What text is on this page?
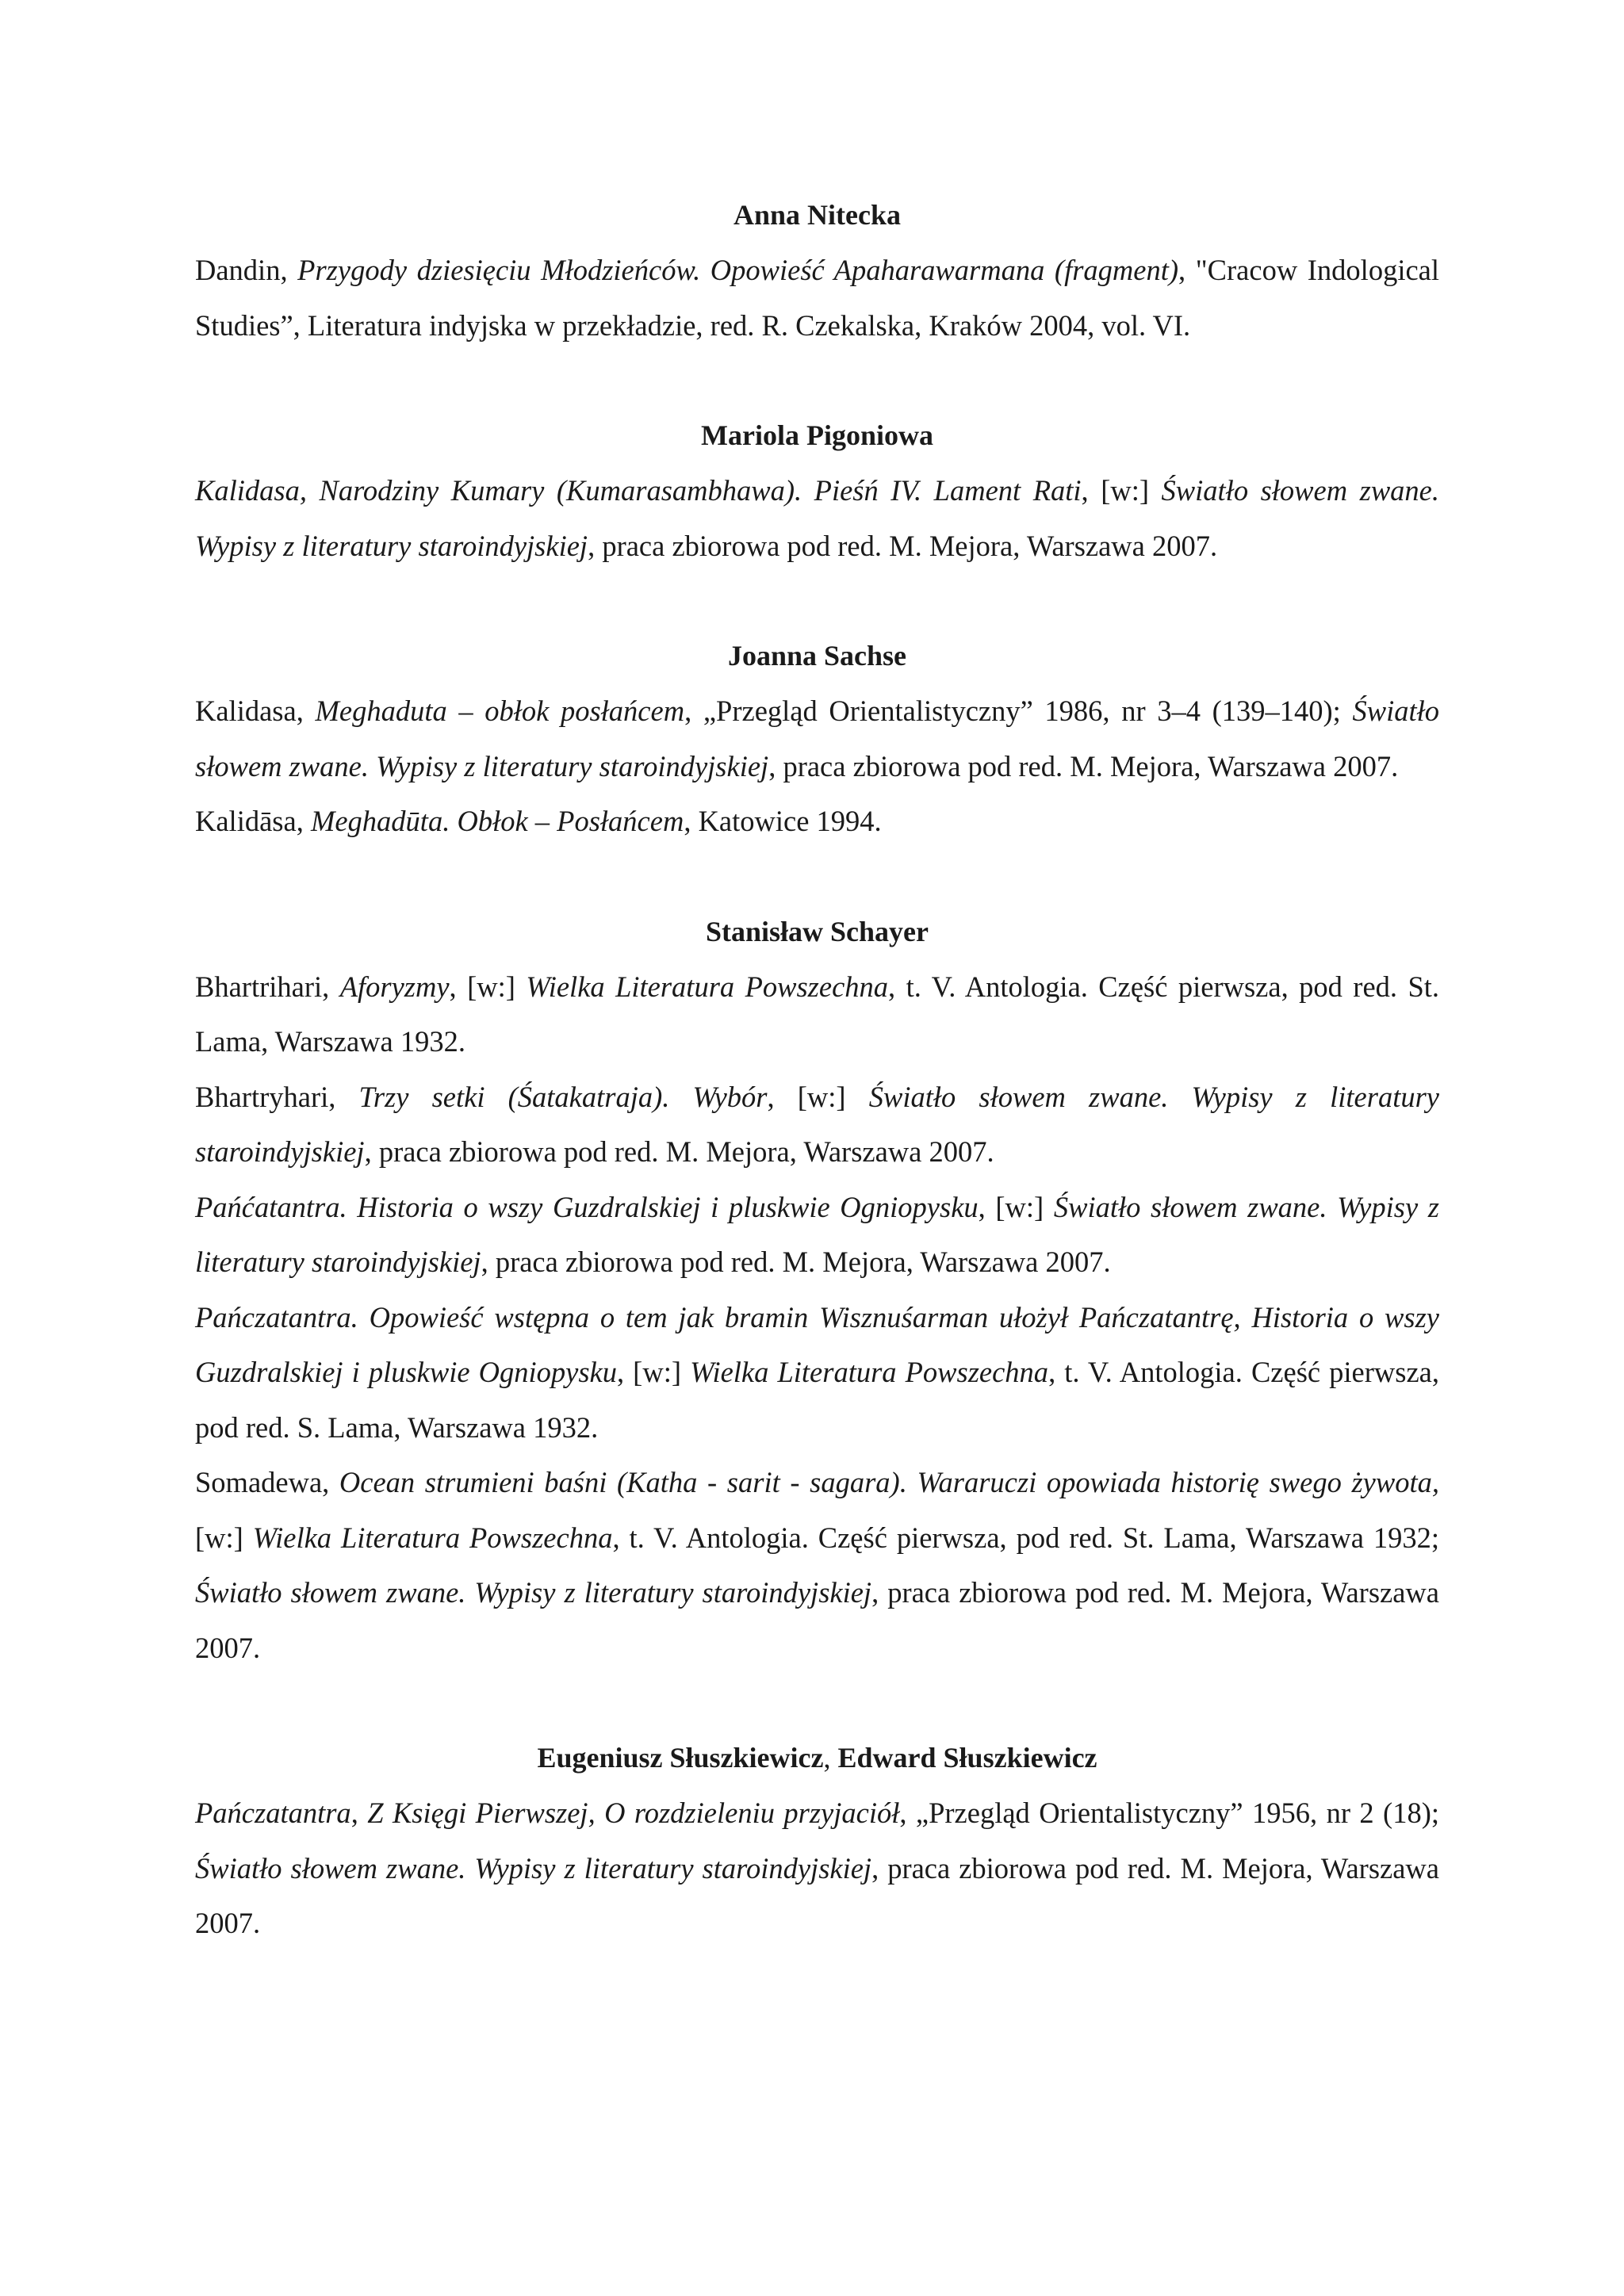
Anna Nitecka

Dandin, Przygody dziesięciu Młodzieńców. Opowieść Apaharawarmana (fragment), "Cracow Indological Studies”, Literatura indyjska w przekładzie, red. R. Czekalska, Kraków 2004, vol. VI.

Mariola Pigoniowa

Kalidasa, Narodziny Kumary (Kumarasambhawa). Pieśń IV. Lament Rati, [w:] Światło słowem zwane. Wypisy z literatury staroindyjskiej, praca zbiorowa pod red. M. Mejora, Warszawa 2007.

Joanna Sachse

Kalidasa, Meghaduta – obłok posłańcem, „Przegląd Orientalistyczny” 1986, nr 3–4 (139–140); Światło słowem zwane. Wypisy z literatury staroindyjskiej, praca zbiorowa pod red. M. Mejora, Warszawa 2007.

Kalidāsa, Meghadūta. Obłok – Posłańcem, Katowice 1994.

Stanisław Schayer

Bhartrihari, Aforyzmy, [w:] Wielka Literatura Powszechna, t. V. Antologia. Część pierwsza, pod red. St. Lama, Warszawa 1932.

Bhartryhari, Trzy setki (Śatakatraja). Wybór, [w:] Światło słowem zwane. Wypisy z literatury staroindyjskiej, praca zbiorowa pod red. M. Mejora, Warszawa 2007.

Pańćatantra. Historia o wszy Guzdralskiej i pluskwie Ogniopysku, [w:] Światło słowem zwane. Wypisy z literatury staroindyjskiej, praca zbiorowa pod red. M. Mejora, Warszawa 2007.

Pańczatantra. Opowieść wstępna o tem jak bramin Wisznuśarman ułożył Pańczatantrę, Historia o wszy Guzdralskiej i pluskwie Ogniopysku, [w:] Wielka Literatura Powszechna, t. V. Antologia. Część pierwsza, pod red. S. Lama, Warszawa 1932.

Somadewa, Ocean strumieni baśni (Katha - sarit - sagara). Wararuczi opowiada historię swego żywota, [w:] Wielka Literatura Powszechna, t. V. Antologia. Część pierwsza, pod red. St. Lama, Warszawa 1932; Światło słowem zwane. Wypisy z literatury staroindyjskiej, praca zbiorowa pod red. M. Mejora, Warszawa 2007.

Eugeniusz Słuszkiewicz, Edward Słuszkiewicz

Pańczatantra, Z Księgi Pierwszej, O rozdzieleniu przyjaciół, „Przegląd Orientalistyczny” 1956, nr 2 (18); Światło słowem zwane. Wypisy z literatury staroindyjskiej, praca zbiorowa pod red. M. Mejora, Warszawa 2007.
